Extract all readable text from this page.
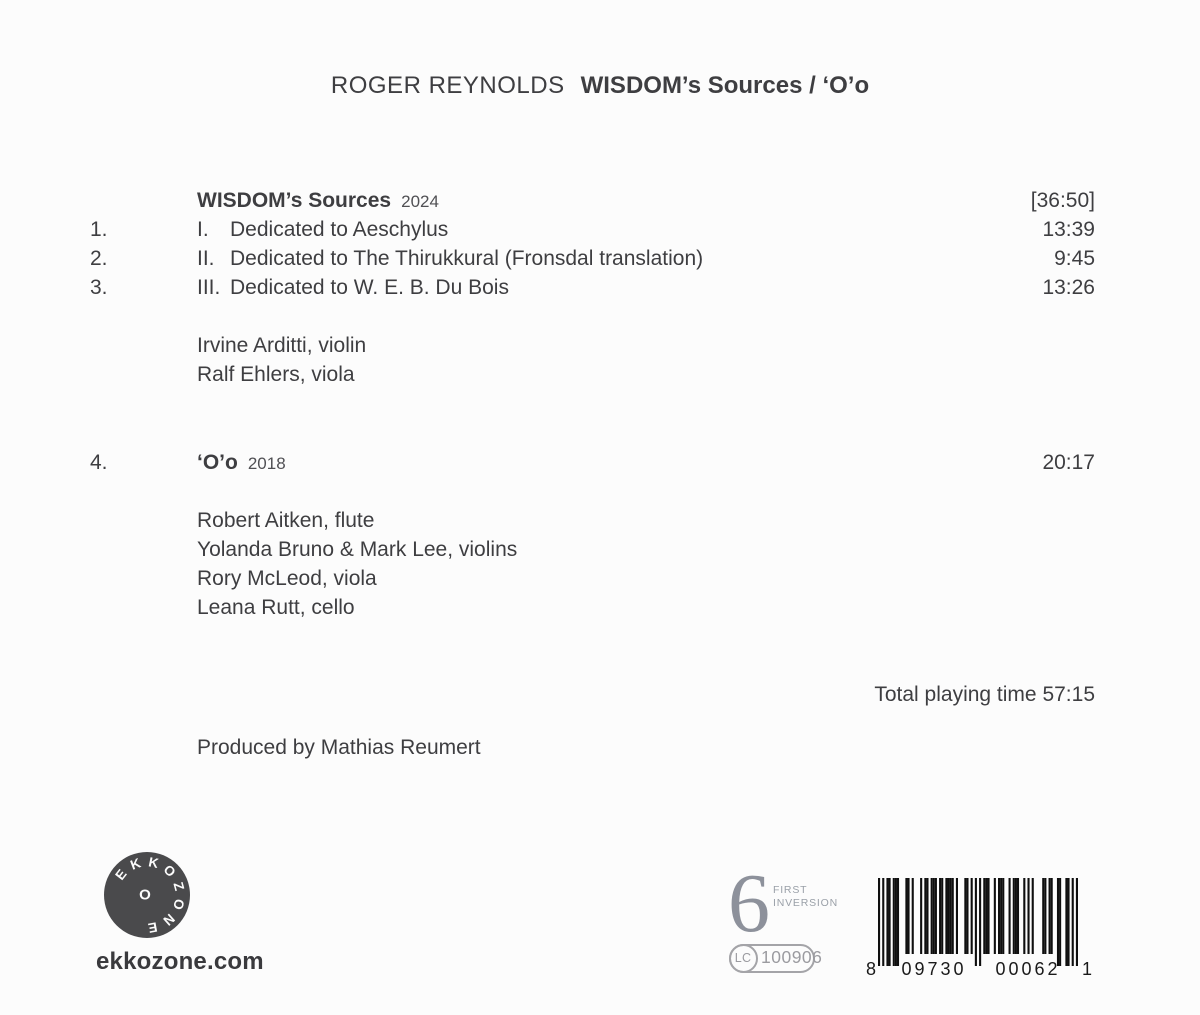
ROGER REYNOLDS WISDOM’s Sources / ‘O’o
WISDOM’s Sources 2024	[36:50]
1.	I. Dedicated to Aeschylus	13:39
2.	II. Dedicated to The Thirukkural (Fronsdal translation)	9:45
3.	III. Dedicated to W. E. B. Du Bois	13:26
Irvine Arditti, violin
Ralf Ehlers, viola
4.	‘O’o 2018	20:17
Robert Aitken, flute
Yolanda Bruno & Mark Lee, violins
Rory McLeod, viola
Leana Rutt, cello
Total playing time 57:15
Produced by Mathias Reumert
E
K K O
Z
O
N
E
O
ekkozone.com
6 FIRST
INVERSION
LC 100906
8 09730 00062 1
